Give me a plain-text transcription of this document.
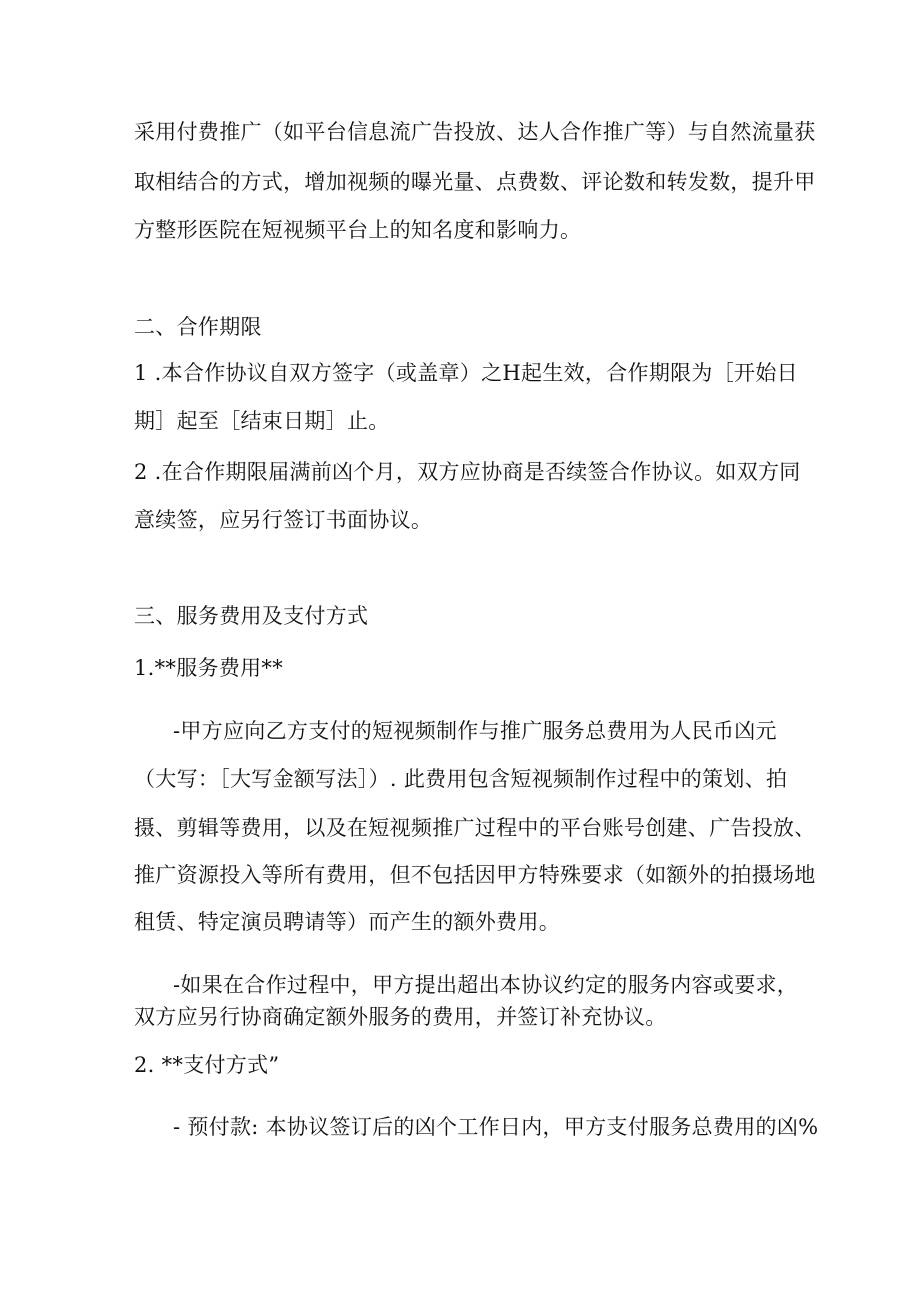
采用付费推广（如平台信息流广告投放、达人合作推广等）与自然流量获

取相结合的方式，增加视频的曝光量、点费数、评论数和转发数，提升甲

方整形医院在短视频平台上的知名度和影响力。

二、合作期限

1 .本合作协议自双方签字（或盖章）之H起生效，合作期限为［开始日

期］起至［结束日期］止。

2 .在合作期限届满前凶个月，双方应协商是否续签合作协议。如双方同

意续签，应另行签订书面协议。

三、服务费用及支付方式

1.**服务费用**

-甲方应向乙方支付的短视频制作与推广服务总费用为人民币凶元

（大写：［大写金额写法］）. 此费用包含短视频制作过程中的策划、拍

摄、剪辑等费用，以及在短视频推广过程中的平台账号创建、广告投放、

推广资源投入等所有费用，但不包括因甲方特殊要求（如额外的拍摄场地

租赁、特定演员聘请等）而产生的额外费用。

-如果在合作过程中，甲方提出超出本协议约定的服务内容或要求，

双方应另行协商确定额外服务的费用，并签订补充协议。

2. **支付方式”

- 预付款: 本协议签订后的凶个工作日内，甲方支付服务总费用的凶%
